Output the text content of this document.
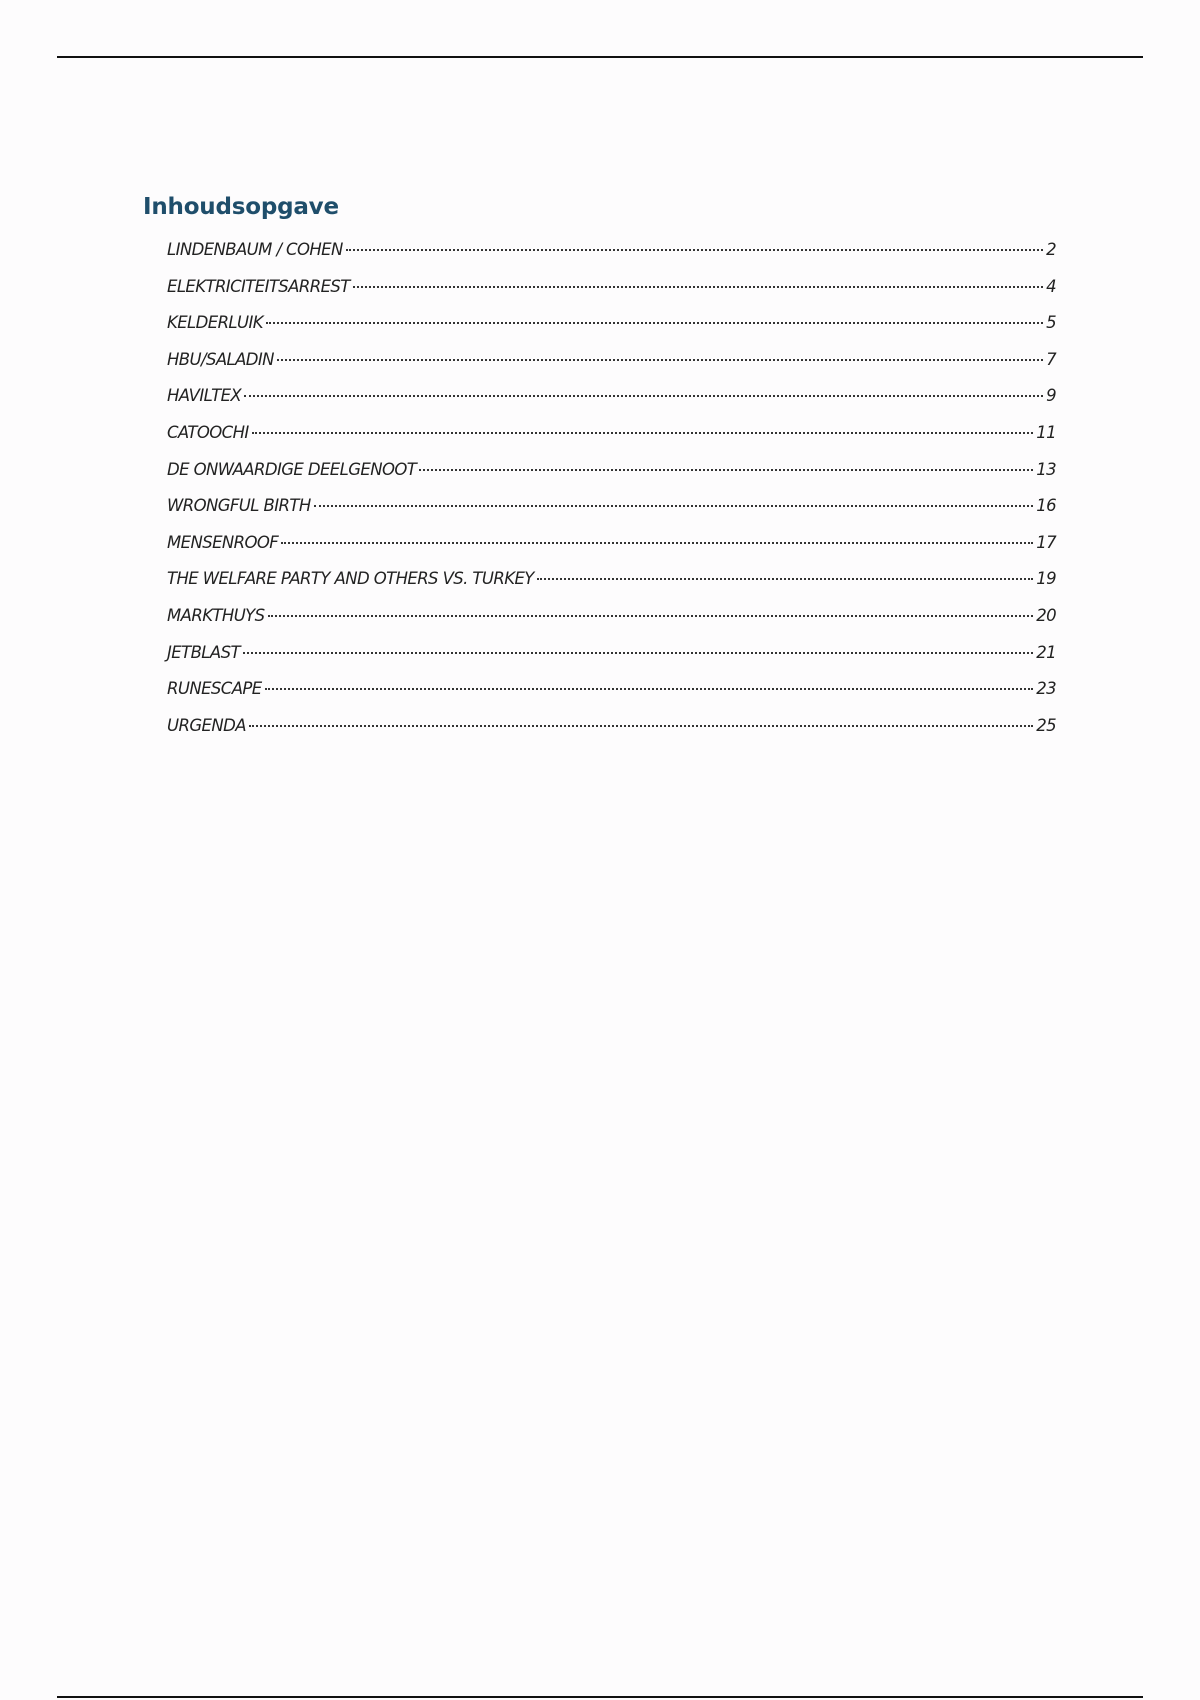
Inhoudsopgave
LINDENBAUM / COHEN	2
ELEKTRICITEITSARREST	4
KELDERLUIK	5
HBU/SALADIN	7
HAVILTEX	9
CATOOCHI	11
DE ONWAARDIGE DEELGENOOT	13
WRONGFUL BIRTH	16
MENSENROOF	17
THE WELFARE PARTY AND OTHERS VS. TURKEY	19
MARKTHUYS	20
JETBLAST	21
RUNESCAPE	23
URGENDA	25
